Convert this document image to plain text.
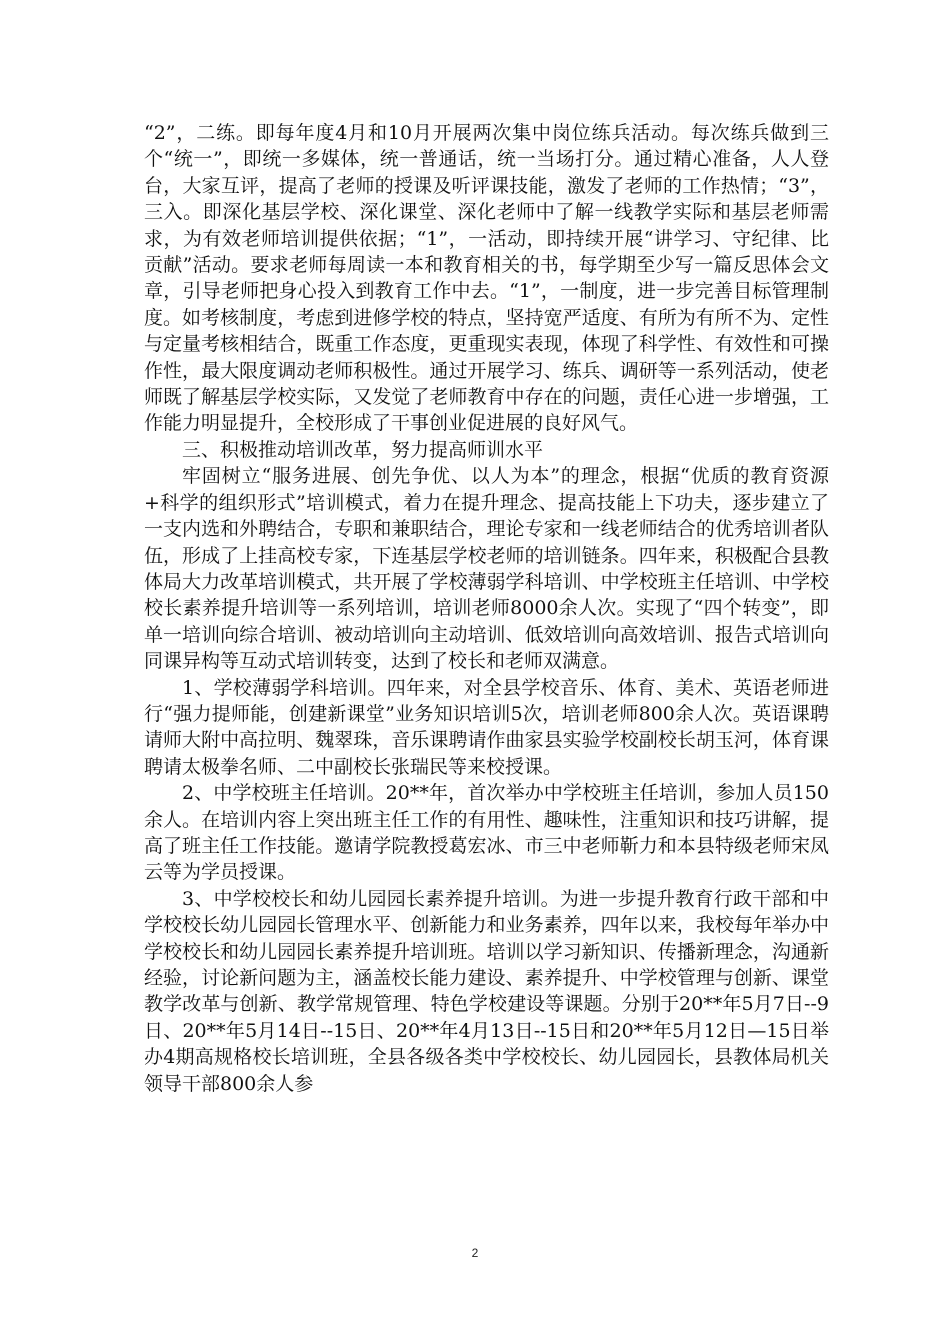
“2”，二练。即每年度4月和10月开展两次集中岗位练兵活动。每次练兵做到三个“统一”，即统一多媒体，统一普通话，统一当场打分。通过精心准备，人人登台，大家互评，提高了老师的授课及听评课技能，激发了老师的工作热情；“3”，三入。即深化基层学校、深化课堂、深化老师中了解一线教学实际和基层老师需求，为有效老师培训提供依据；“1”，一活动，即持续开展“讲学习、守纪律、比贡献”活动。要求老师每周读一本和教育相关的书，每学期至少写一篇反思体会文章，引导老师把身心投入到教育工作中去。“1”，一制度，进一步完善目标管理制度。如考核制度，考虑到进修学校的特点，坚持宽严适度、有所为有所不为、定性与定量考核相结合，既重工作态度，更重现实表现，体现了科学性、有效性和可操作性，最大限度调动老师积极性。通过开展学习、练兵、调研等一系列活动，使老师既了解基层学校实际，又发觉了老师教育中存在的问题，责任心进一步增强，工作能力明显提升，全校形成了干事创业促进展的良好风气。

三、积极推动培训改革，努力提高师训水平

牢固树立“服务进展、创先争优、以人为本”的理念，根据“优质的教育资源+科学的组织形式”培训模式，着力在提升理念、提高技能上下功夫，逐步建立了一支内选和外聘结合，专职和兼职结合，理论专家和一线老师结合的优秀培训者队伍，形成了上挂高校专家，下连基层学校老师的培训链条。四年来，积极配合县教体局大力改革培训模式，共开展了学校薄弱学科培训、中学校班主任培训、中学校校长素养提升培训等一系列培训，培训老师8000余人次。实现了“四个转变”，即单一培训向综合培训、被动培训向主动培训、低效培训向高效培训、报告式培训向同课异构等互动式培训转变，达到了校长和老师双满意。

1、学校薄弱学科培训。四年来，对全县学校音乐、体育、美术、英语老师进行“强力提师能，创建新课堂”业务知识培训5次，培训老师800余人次。英语课聘请师大附中高拉明、魏翠珠，音乐课聘请作曲家县实验学校副校长胡玉河，体育课聘请太极拳名师、二中副校长张瑞民等来校授课。

2、中学校班主任培训。20**年，首次举办中学校班主任培训，参加人员150余人。在培训内容上突出班主任工作的有用性、趣味性，注重知识和技巧讲解，提高了班主任工作技能。邀请学院教授葛宏冰、市三中老师靳力和本县特级老师宋凤云等为学员授课。

3、中学校校长和幼儿园园长素养提升培训。为进一步提升教育行政干部和中学校校长幼儿园园长管理水平、创新能力和业务素养，四年以来，我校每年举办中学校校长和幼儿园园长素养提升培训班。培训以学习新知识、传播新理念，沟通新经验，讨论新问题为主，涵盖校长能力建设、素养提升、中学校管理与创新、课堂教学改革与创新、教学常规管理、特色学校建设等课题。分别于20**年5月7日--9日、20**年5月14日--15日、20**年4月13日--15日和20**年5月12日—15日举办4期高规格校长培训班，全县各级各类中学校校长、幼儿园园长，县教体局机关领导干部800余人参

2
